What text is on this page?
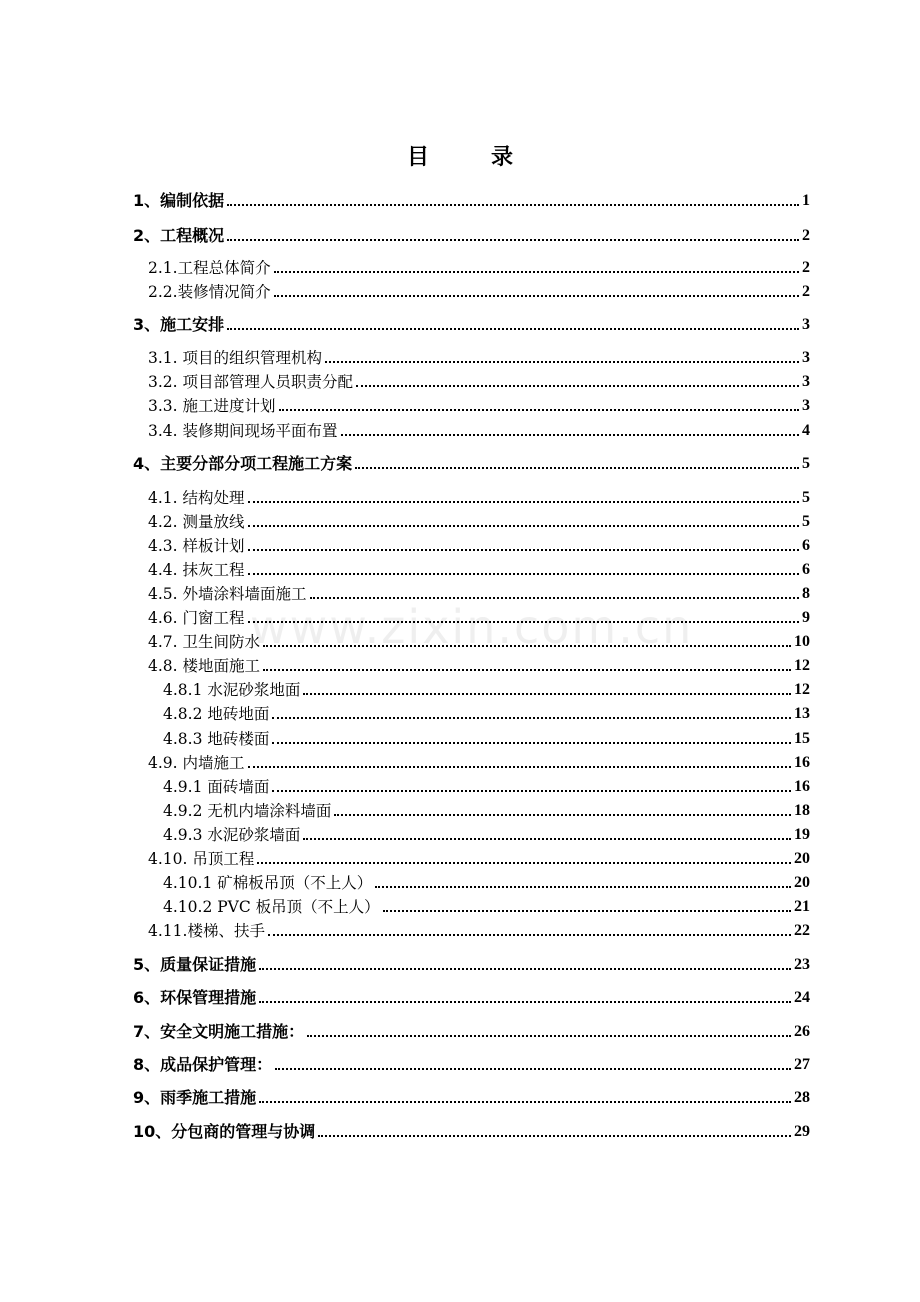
目　录
www.zixin.com.cn
1、编制依据	1
2、工程概况	2
2.1.工程总体简介	2
2.2.装修情况简介	2
3、施工安排	3
3.1. 项目的组织管理机构	3
3.2. 项目部管理人员职责分配	3
3.3. 施工进度计划	3
3.4. 装修期间现场平面布置	4
4、主要分部分项工程施工方案	5
4.1. 结构处理	5
4.2. 测量放线	5
4.3. 样板计划	6
4.4. 抹灰工程	6
4.5. 外墙涂料墙面施工	8
4.6. 门窗工程	9
4.7. 卫生间防水	10
4.8. 楼地面施工	12
4.8.1 水泥砂浆地面	12
4.8.2 地砖地面	13
4.8.3 地砖楼面	15
4.9. 内墙施工	16
4.9.1 面砖墙面	16
4.9.2 无机内墙涂料墙面	18
4.9.3 水泥砂浆墙面	19
4.10. 吊顶工程	20
4.10.1 矿棉板吊顶（不上人）	20
4.10.2 PVC 板吊顶（不上人）	21
4.11.楼梯、扶手	22
5、质量保证措施	23
6、环保管理措施	24
7、安全文明施工措施：	26
8、成品保护管理：	27
9、雨季施工措施	28
10、分包商的管理与协调	29
